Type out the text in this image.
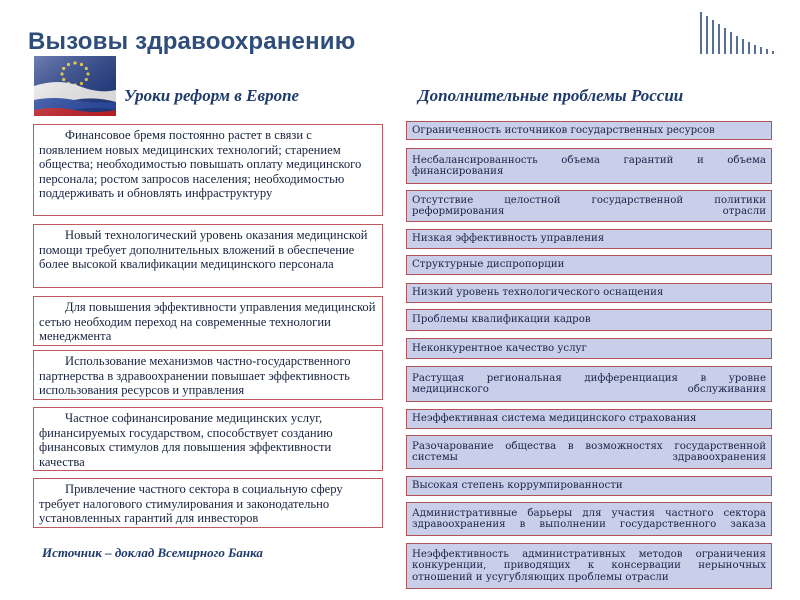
Вызовы здравоохранению
Уроки реформ в Европе	Дополнительные проблемы России
Финансовое бремя постоянно растет в связи с появлением новых медицинских технологий; старением общества; необходимостью повышать оплату медицинского персонала; ростом запросов населения; необходимостью поддерживать и обновлять инфраструктуру
Новый технологический уровень оказания медицинской помощи требует дополнительных вложений в обеспечение более высокой квалификации медицинского персонала
Для повышения эффективности управления медицинской сетью необходим переход на современные технологии менеджмента
Использование механизмов частно-государственного партнерства в здравоохранении повышает эффективность использования ресурсов и управления
Частное софинансирование медицинских услуг, финансируемых государством, способствует созданию финансовых стимулов для повышения эффективности качества
Привлечение частного сектора в социальную сферу требует налогового стимулирования и законодательно установленных гарантий для инвесторов
Ограниченность источников государственных ресурсов
Несбалансированность объема гарантий и объема финансирования
Отсутствие целостной государственной политики реформирования отрасли
Низкая эффективность управления
Структурные диспропорции
Низкий уровень технологического оснащения
Проблемы квалификации кадров
Неконкурентное качество услуг
Растущая региональная дифференциация в уровне медицинского обслуживания
Неэффективная система медицинского страхования
Разочарование общества в возможностях государственной системы здравоохранения
Высокая степень коррумпированности
Административные барьеры для участия частного сектора здравоохранения в выполнении государственного заказа
Неэффективность административных методов ограничения конкуренции, приводящих к консервации нерыночных отношений и усугубляющих проблемы отрасли
Источник – доклад Всемирного Банка
